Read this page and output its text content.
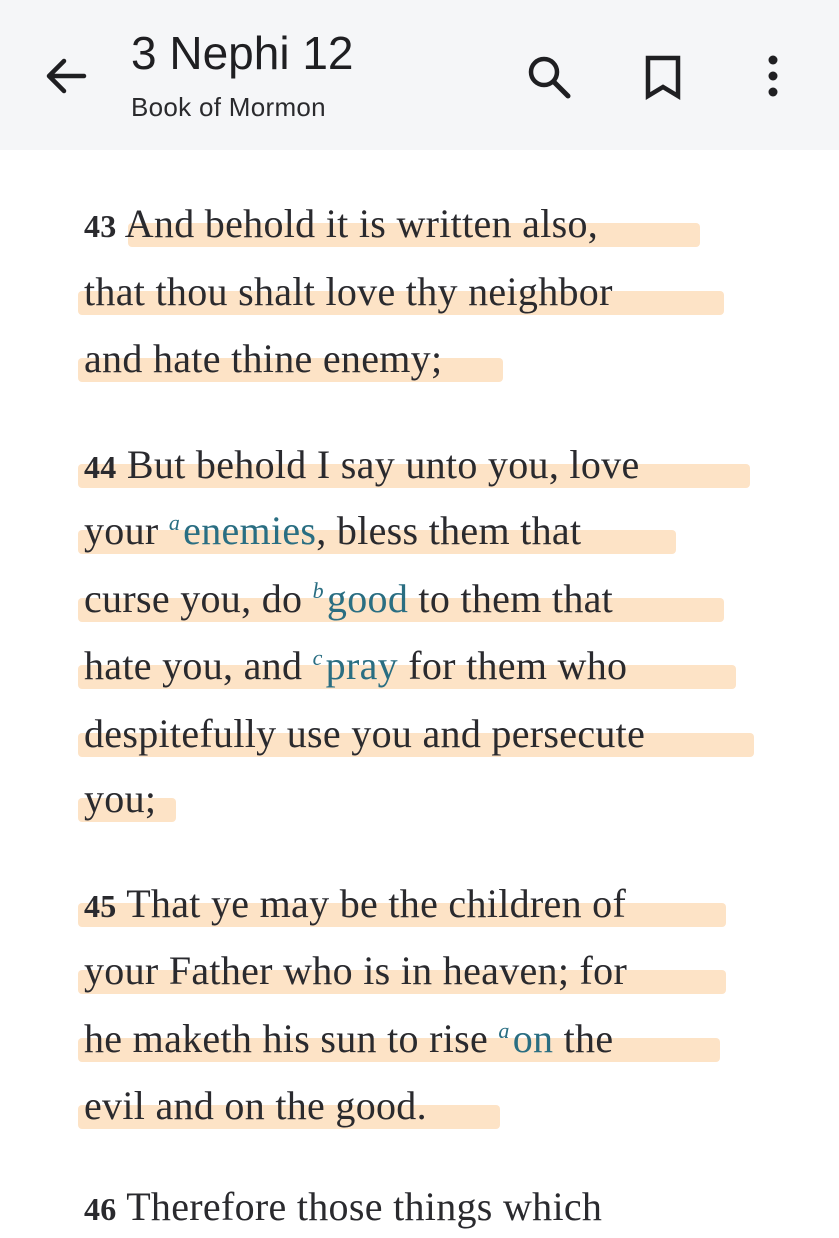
3 Nephi 12
Book of Mormon
43 And behold it is written also,
that thou shalt love thy neighbor
and hate thine enemy;
44 But behold I say unto you, love
your $^a$enemies, bless them that
curse you, do $^b$good to them that
hate you, and $^c$pray for them who
despitefully use you and persecute
you;
45 That ye may be the children of
your Father who is in heaven; for
he maketh his sun to rise $^a$on the
evil and on the good.
46 Therefore those things which
